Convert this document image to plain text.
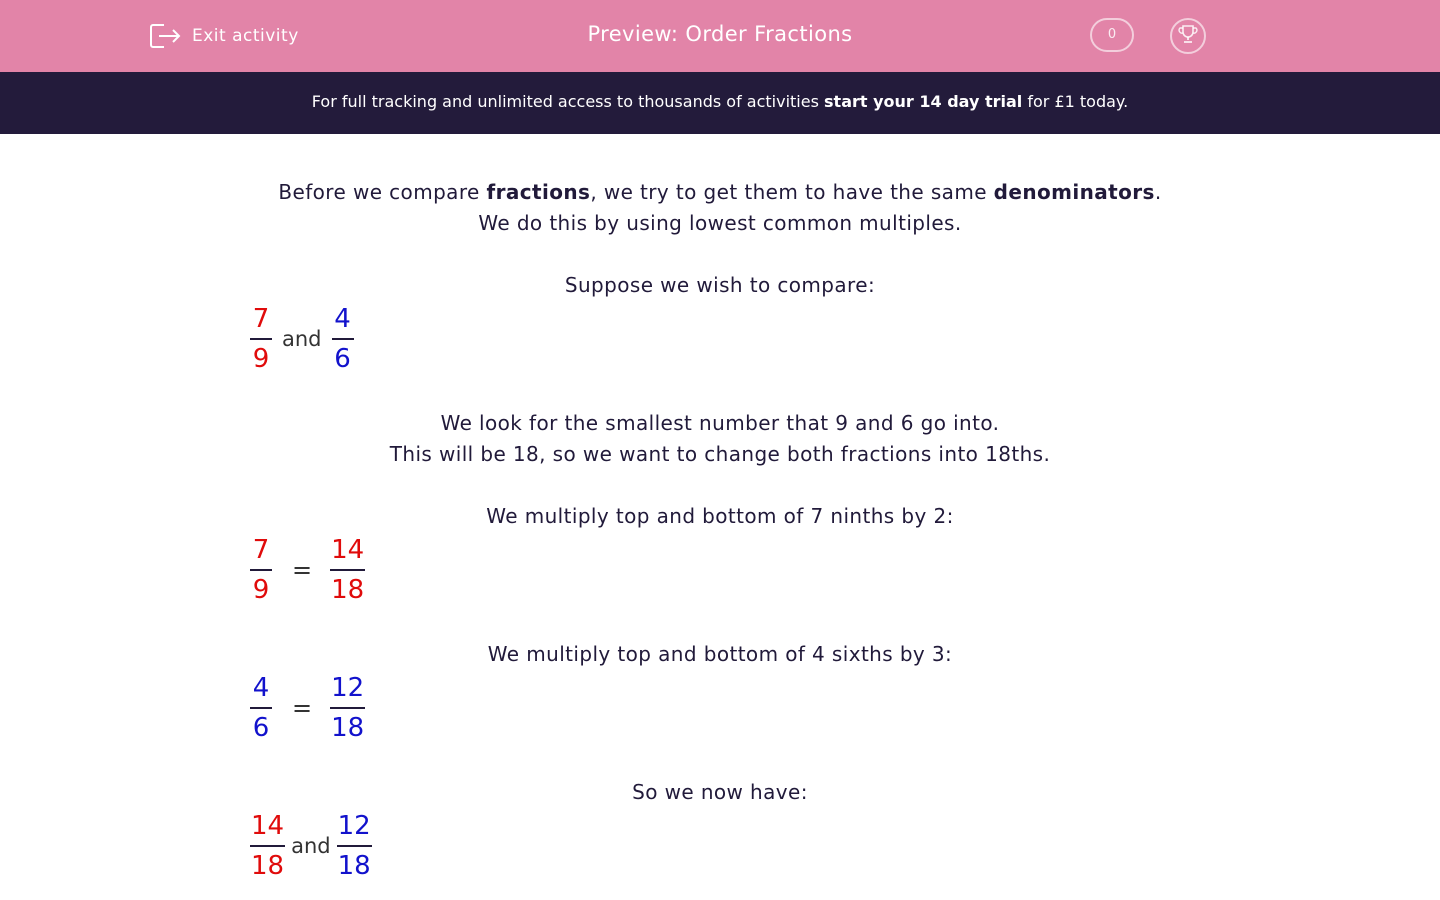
Exit activity	Preview: Order Fractions	0
For full tracking and unlimited access to thousands of activities start your 14 day trial for £1 today.
Before we compare fractions, we try to get them to have the same denominators.
We do this by using lowest common multiples.
Suppose we wish to compare:
$\frac{7}{9}$ and $\frac{4}{6}$
We look for the smallest number that 9 and 6 go into.
This will be 18, so we want to change both fractions into 18ths.
We multiply top and bottom of 7 ninths by 2:
$\frac{7}{9} = \frac{14}{18}$
We multiply top and bottom of 4 sixths by 3:
$\frac{4}{6} = \frac{12}{18}$
So we now have:
$\frac{14}{18}$ and $\frac{12}{18}$
